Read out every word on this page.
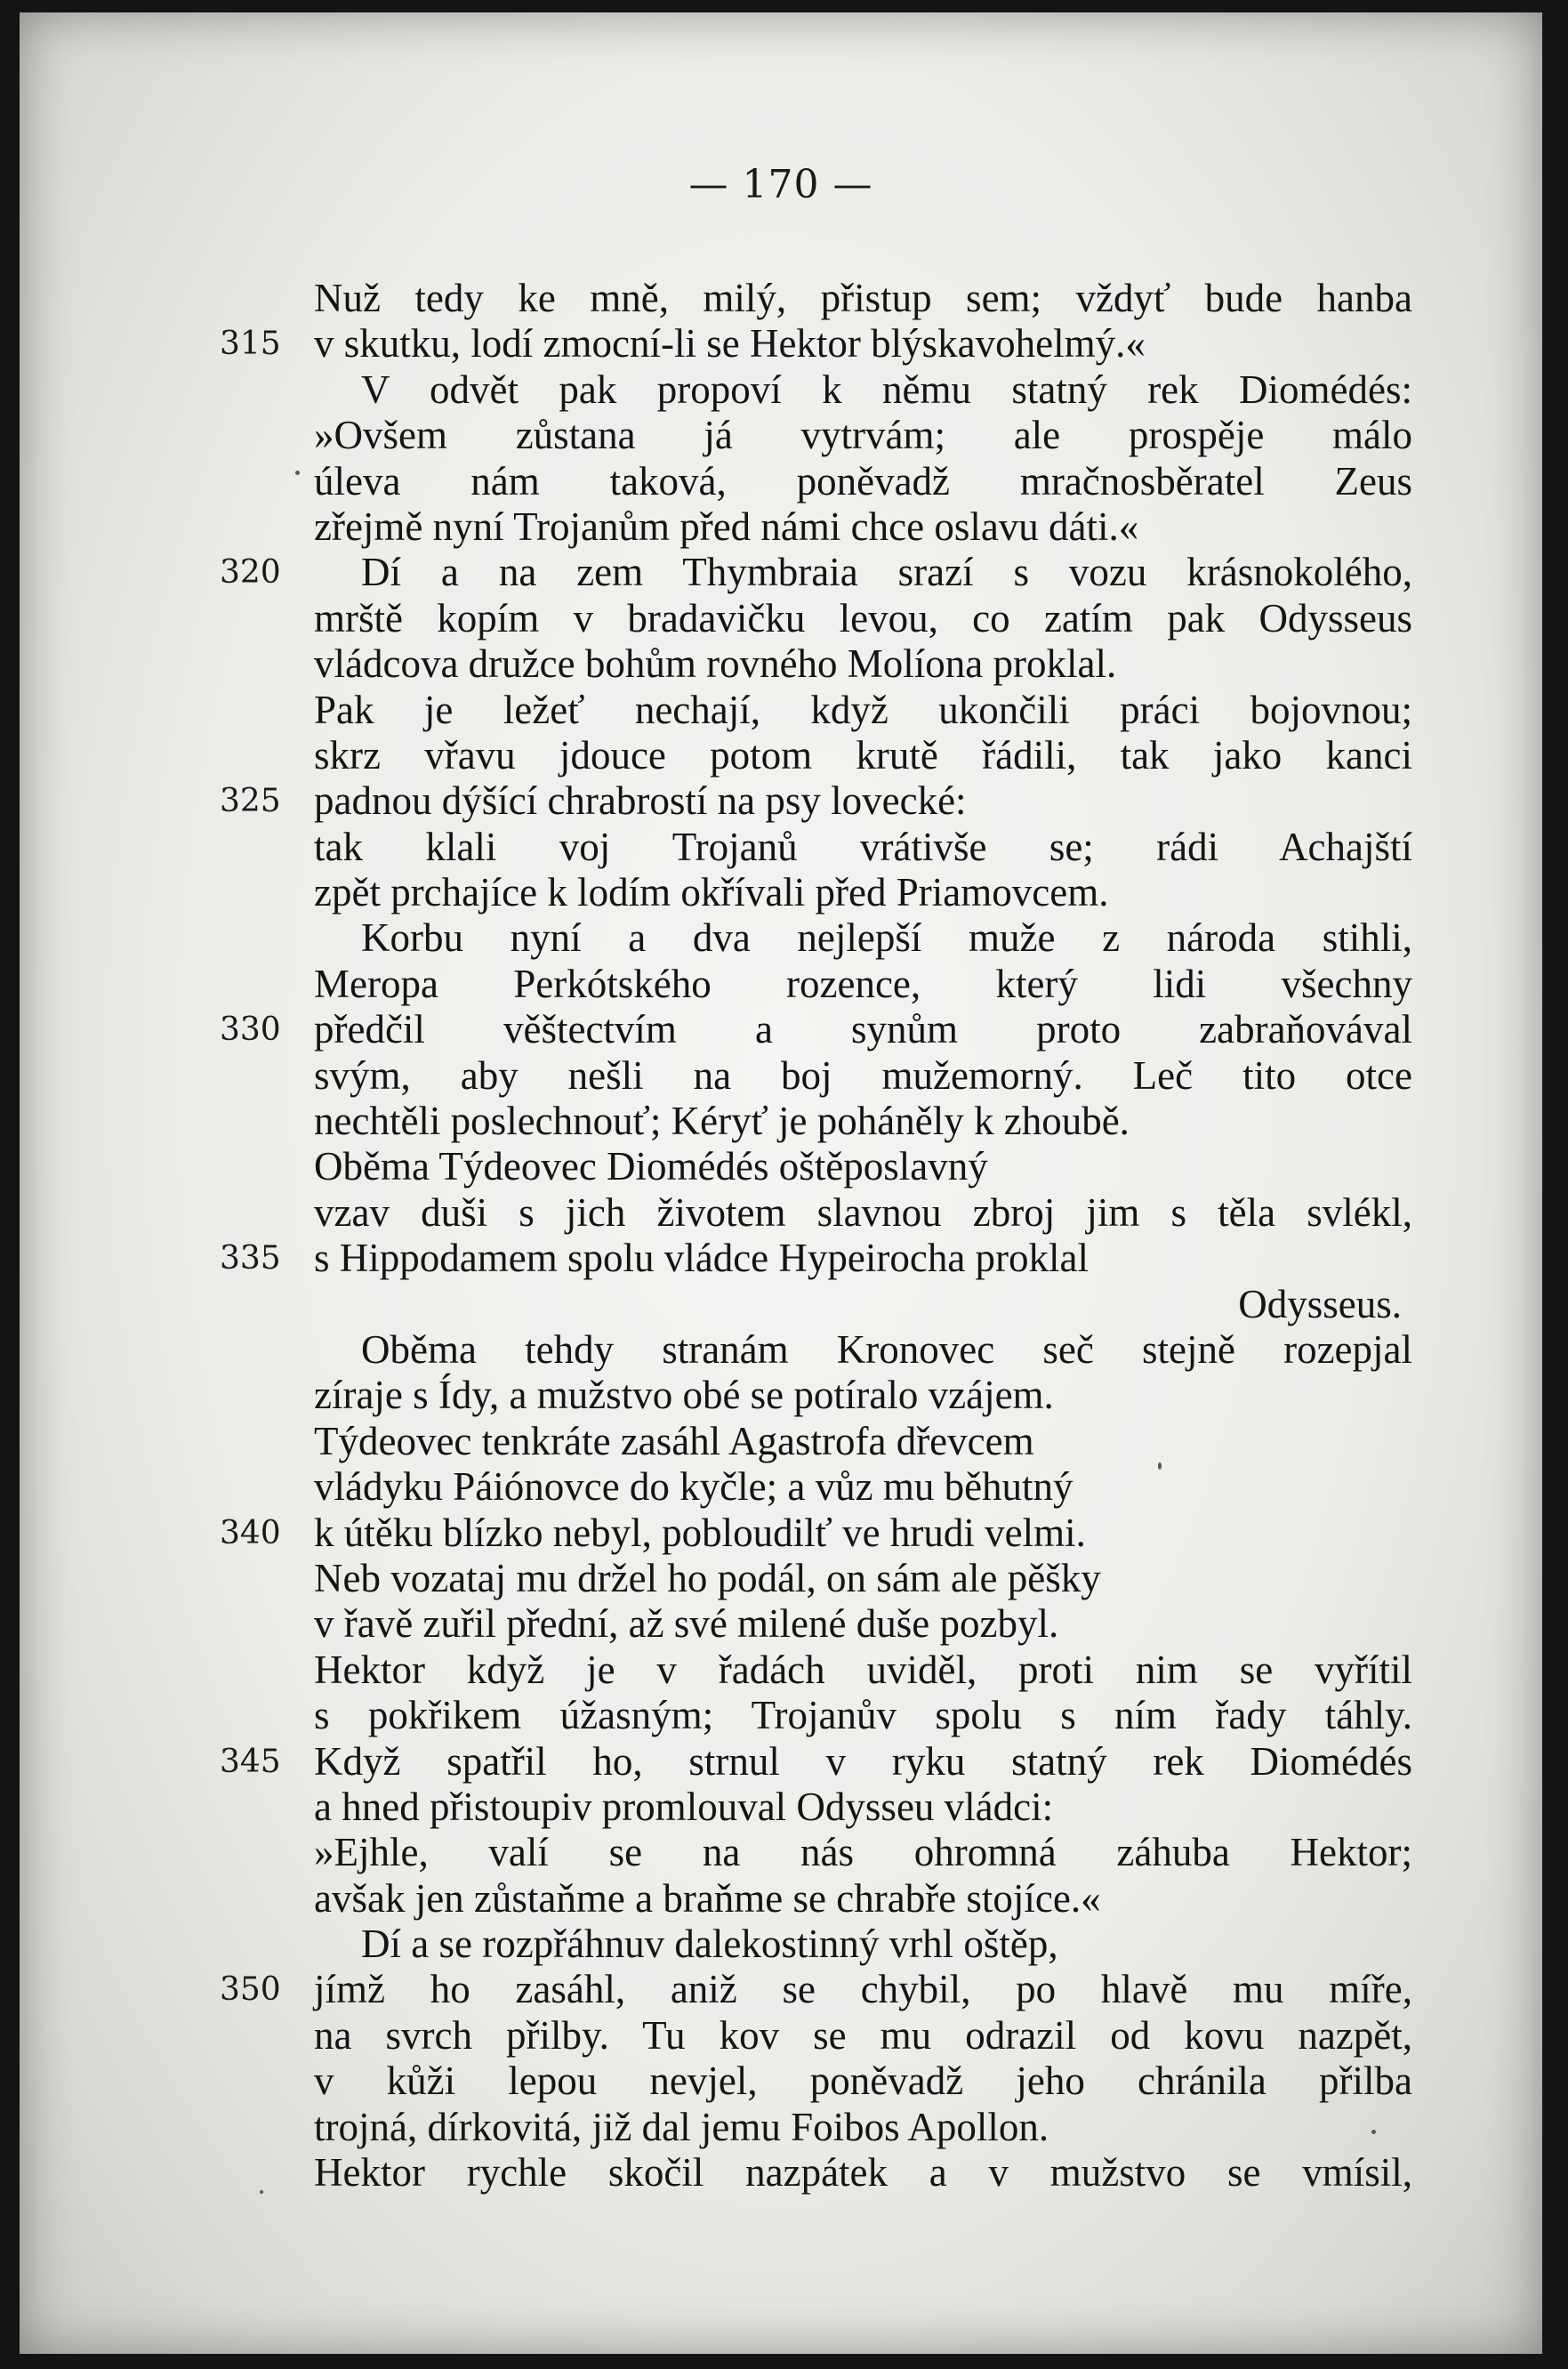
— 170 —
Nuž tedy ke mně, milý, přistup sem; vždyť bude hanba
315 v skutku, lodí zmocní-li se Hektor blýskavohelmý.«
V odvět pak propoví k němu statný rek Diomédés:
»Ovšem zůstana já vytrvám; ale prospěje málo
úleva nám taková, poněvadž mračnosběratel Zeus
zřejmě nyní Trojanům před námi chce oslavu dáti.«
320 Dí a na zem Thymbraia srazí s vozu krásnokolého,
mrště kopím v bradavičku levou, co zatím pak Odysseus
vládcova družce bohům rovného Molíona proklal.
Pak je ležeť nechají, když ukončili práci bojovnou;
skrz vřavu jdouce potom krutě řádili, tak jako kanci
325 padnou dýšící chrabrostí na psy lovecké:
tak klali voj Trojanů vrátivše se; rádi Achajští
zpět prchajíce k lodím okřívali před Priamovcem.
Korbu nyní a dva nejlepší muže z národa stihli,
Meropa Perkótského rozence, který lidi všechny
330 předčil věštectvím a synům proto zabraňovával
svým, aby nešli na boj mužemorný. Leč tito otce
nechtěli poslechnouť; Kéryť je poháněly k zhoubě.
Oběma Týdeovec Diomédés oštěposlavný
vzav duši s jich životem slavnou zbroj jim s těla svlékl,
335 s Hippodamem spolu vládce Hypeirocha proklal
Odysseus.
Oběma tehdy stranám Kronovec seč stejně rozepjal
zíraje s Ídy, a mužstvo obé se potíralo vzájem.
Týdeovec tenkráte zasáhl Agastrofa dřevcem
vládyku Páiónovce do kyčle; a vůz mu běhutný
340 k útěku blízko nebyl, pobloudilť ve hrudi velmi.
Neb vozataj mu držel ho podál, on sám ale pěšky
v řavě zuřil přední, až své milené duše pozbyl.
Hektor když je v řadách uviděl, proti nim se vyřítil
s pokřikem úžasným; Trojanův spolu s ním řady táhly.
345 Když spatřil ho, strnul v ryku statný rek Diomédés
a hned přistoupiv promlouval Odysseu vládci:
»Ejhle, valí se na nás ohromná záhuba Hektor;
avšak jen zůstaňme a braňme se chrabře stojíce.«
Dí a se rozpřáhnuv dalekostinný vrhl oštěp,
350 jímž ho zasáhl, aniž se chybil, po hlavě mu míře,
na svrch přilby. Tu kov se mu odrazil od kovu nazpět,
v kůži lepou nevjel, poněvadž jeho chránila přilba
trojná, dírkovitá, již dal jemu Foibos Apollon.
Hektor rychle skočil nazpátek a v mužstvo se vmísil,
